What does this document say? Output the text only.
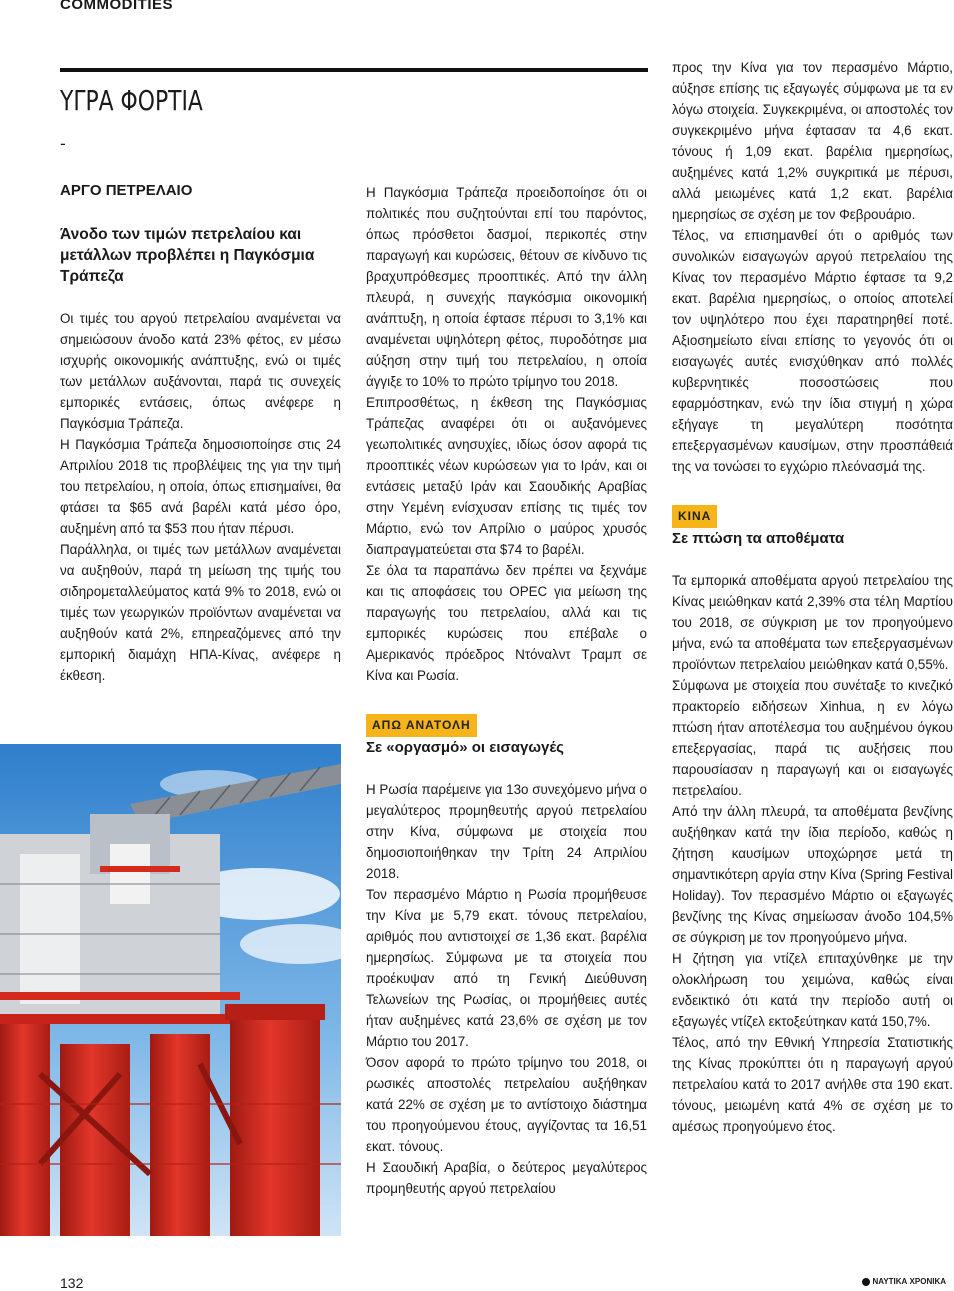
COMMODITIES
ΥΓΡΑ ΦΟΡΤΙΑ
-
ΑΡΓΟ ΠΕΤΡΕΛΑΙΟ
Άνοδο των τιμών πετρελαίου και μετάλλων προβλέπει η Παγκόσμια Τράπεζα

Οι τιμές του αργού πετρελαίου αναμένεται να σημειώσουν άνοδο κατά 23% φέτος, εν μέσω ισχυρής οικονομικής ανάπτυξης, ενώ οι τιμές των μετάλλων αυξάνονται, παρά τις συνεχείς εμπορικές εντάσεις, όπως ανέφερε η Παγκόσμια Τράπεζα.

Η Παγκόσμια Τράπεζα δημοσιοποίησε στις 24 Απριλίου 2018 τις προβλέψεις της για την τιμή του πετρελαίου, η οποία, όπως επισημαίνει, θα φτάσει τα $65 ανά βαρέλι κατά μέσο όρο, αυξημένη από τα $53 που ήταν πέρυσι.

Παράλληλα, οι τιμές των μετάλλων αναμένεται να αυξηθούν, παρά τη μείωση της τιμής του σιδηρομεταλλεύματος κατά 9% το 2018, ενώ οι τιμές των γεωργικών προϊόντων αναμένεται να αυξηθούν κατά 2%, επηρεαζόμενες από την εμπορική διαμάχη ΗΠΑ-Κίνας, ανέφερε η έκθεση.

Η Παγκόσμια Τράπεζα προειδοποίησε ότι οι πολιτικές που συζητούνται επί του παρόντος, όπως πρόσθετοι δασμοί, περικοπές στην παραγωγή και κυρώσεις, θέτουν σε κίνδυνο τις βραχυπρόθεσμες προοπτικές. Από την άλλη πλευρά, η συνεχής παγκόσμια οικονομική ανάπτυξη, η οποία έφτασε πέρυσι το 3,1% και αναμένεται υψηλότερη φέτος, πυροδότησε μια αύξηση στην τιμή του πετρελαίου, η οποία άγγιξε το 10% το πρώτο τρίμηνο του 2018.

Επιπροσθέτως, η έκθεση της Παγκόσμιας Τράπεζας αναφέρει ότι οι αυξανόμενες γεωπολιτικές ανησυχίες, ιδίως όσον αφορά τις προοπτικές νέων κυρώσεων για το Ιράν, και οι εντάσεις μεταξύ Ιράν και Σαουδικής Αραβίας στην Υεμένη ενίσχυσαν επίσης τις τιμές τον Μάρτιο, ενώ τον Απρίλιο ο μαύρος χρυσός διαπραγματεύεται στα $74 το βαρέλι.

Σε όλα τα παραπάνω δεν πρέπει να ξεχνάμε και τις αποφάσεις του OPEC για μείωση της παραγωγής του πετρελαίου, αλλά και τις εμπορικές κυρώσεις που επέβαλε ο Αμερικανός πρόεδρος Ντόναλντ Τραμπ σε Κίνα και Ρωσία.

ΑΠΩ ΑΝΑΤΟΛΗ
Σε «οργασμό» οι εισαγωγές

Η Ρωσία παρέμεινε για 13ο συνεχόμενο μήνα ο μεγαλύτερος προμηθευτής αργού πετρελαίου στην Κίνα, σύμφωνα με στοιχεία που δημοσιοποιήθηκαν την Τρίτη 24 Απριλίου 2018.

Τον περασμένο Μάρτιο η Ρωσία προμήθευσε την Κίνα με 5,79 εκατ. τόνους πετρελαίου, αριθμός που αντιστοιχεί σε 1,36 εκατ. βαρέλια ημερησίως. Σύμφωνα με τα στοιχεία που προέκυψαν από τη Γενική Διεύθυνση Τελωνείων της Ρωσίας, οι προμήθειες αυτές ήταν αυξημένες κατά 23,6% σε σχέση με τον Μάρτιο του 2017.

Όσον αφορά το πρώτο τρίμηνο του 2018, οι ρωσικές αποστολές πετρελαίου αυξήθηκαν κατά 22% σε σχέση με το αντίστοιχο διάστημα του προηγούμενου έτους, αγγίζοντας τα 16,51 εκατ. τόνους.

Η Σαουδική Αραβία, ο δεύτερος μεγαλύτερος προμηθευτής αργού πετρελαίου

προς την Κίνα για τον περασμένο Μάρτιο, αύξησε επίσης τις εξαγωγές σύμφωνα με τα εν λόγω στοιχεία. Συγκεκριμένα, οι αποστολές τον συγκεκριμένο μήνα έφτασαν τα 4,6 εκατ. τόνους ή 1,09 εκατ. βαρέλια ημερησίως, αυξημένες κατά 1,2% συγκριτικά με πέρυσι, αλλά μειωμένες κατά 1,2 εκατ. βαρέλια ημερησίως σε σχέση με τον Φεβρουάριο.

Τέλος, να επισημανθεί ότι ο αριθμός των συνολικών εισαγωγών αργού πετρελαίου της Κίνας τον περασμένο Μάρτιο έφτασε τα 9,2 εκατ. βαρέλια ημερησίως, ο οποίος αποτελεί τον υψηλότερο που έχει παρατηρηθεί ποτέ. Αξιοσημείωτο είναι επίσης το γεγονός ότι οι εισαγωγές αυτές ενισχύθηκαν από πολλές κυβερνητικές ποσοστώσεις που εφαρμόστηκαν, ενώ την ίδια στιγμή η χώρα εξήγαγε τη μεγαλύτερη ποσότητα επεξεργασμένων καυσίμων, στην προσπάθειά της να τονώσει το εγχώριο πλεόνασμά της.

ΚΙΝΑ
Σε πτώση τα αποθέματα

Τα εμπορικά αποθέματα αργού πετρελαίου της Κίνας μειώθηκαν κατά 2,39% στα τέλη Μαρτίου του 2018, σε σύγκριση με τον προηγούμενο μήνα, ενώ τα αποθέματα των επεξεργασμένων προϊόντων πετρελαίου μειώθηκαν κατά 0,55%.

Σύμφωνα με στοιχεία που συνέταξε το κινεζικό πρακτορείο ειδήσεων Xinhua, η εν λόγω πτώση ήταν αποτέλεσμα του αυξημένου όγκου επεξεργασίας, παρά τις αυξήσεις που παρουσίασαν η παραγωγή και οι εισαγωγές πετρελαίου.

Από την άλλη πλευρά, τα αποθέματα βενζίνης αυξήθηκαν κατά την ίδια περίοδο, καθώς η ζήτηση καυσίμων υποχώρησε μετά τη σημαντικότερη αργία στην Κίνα (Spring Festival Holiday). Τον περασμένο Μάρτιο οι εξαγωγές βενζίνης της Κίνας σημείωσαν άνοδο 104,5% σε σύγκριση με τον προηγούμενο μήνα.

Η ζήτηση για ντίζελ επιταχύνθηκε με την ολοκλήρωση του χειμώνα, καθώς είναι ενδεικτικό ότι κατά την περίοδο αυτή οι εξαγωγές ντίζελ εκτοξεύτηκαν κατά 150,7%.

Τέλος, από την Εθνική Υπηρεσία Στατιστικής της Κίνας προκύπτει ότι η παραγωγή αργού πετρελαίου κατά το 2017 ανήλθε στα 190 εκατ. τόνους, μειωμένη κατά 4% σε σχέση με το αμέσως προηγούμενο έτος.

132	ΝΑΥΤΙΚΑ ΧΡΟΝΙΚΑ
